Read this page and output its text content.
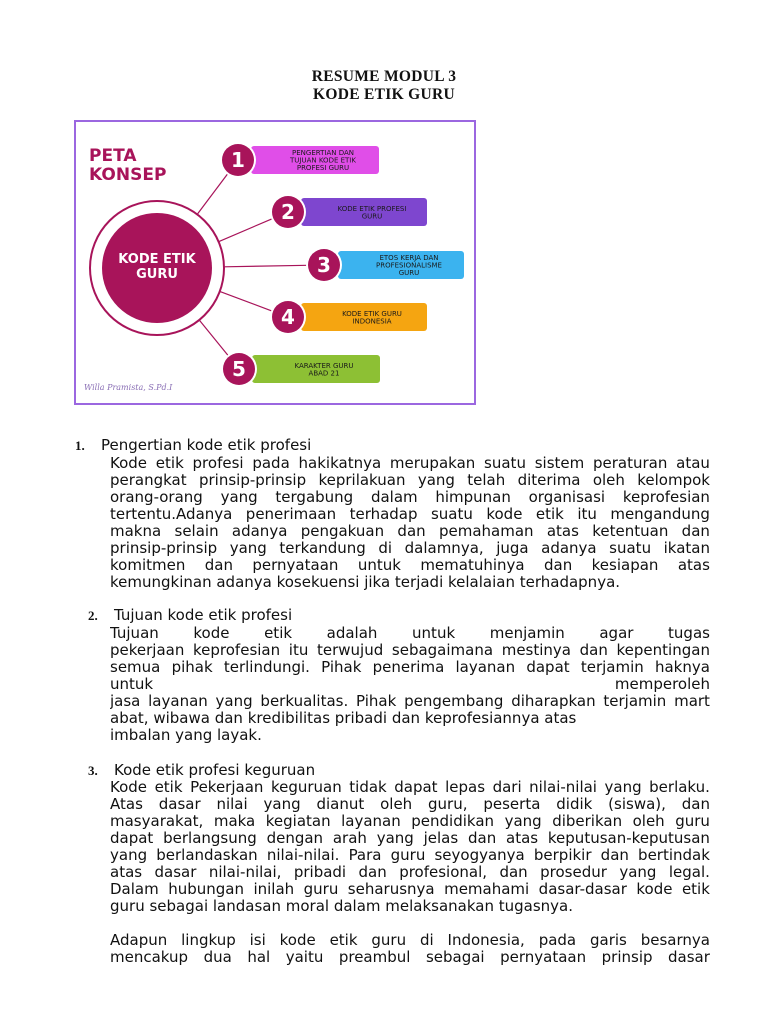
RESUME MODUL 3
KODE ETIK GURU
PETA
KONSEP
KODE ETIK
GURU
PENGERTIAN DAN
TUJUAN KODE ETIK
PROFESI GURU
1
KODE ETIK PROFESI
GURU
2
ETOS KERJA DAN
PROFESIONALISME
GURU
3
KODE ETIK GURU
INDONESIA
4
KARAKTER GURU
ABAD 21
5
Willa Pramista, S.Pd.I
1. Pengertian kode etik profesi
Kode etik profesi pada hakikatnya merupakan suatu sistem peraturan atau
perangkat prinsip-prinsip keprilakuan yang telah diterima oleh kelompok
orang-orang yang tergabung dalam himpunan organisasi keprofesian
tertentu.Adanya penerimaan terhadap suatu kode etik itu mengandung
makna selain adanya pengakuan dan pemahaman atas ketentuan dan
prinsip-prinsip yang terkandung di dalamnya, juga adanya suatu ikatan
komitmen dan pernyataan untuk mematuhinya dan kesiapan atas
kemungkinan adanya kosekuensi jika terjadi kelalaian terhadapnya.
2. Tujuan kode etik profesi
Tujuan kode etik adalah untuk menjamin agar tugas
pekerjaan keprofesian itu terwujud sebagaimana mestinya dan kepentingan
semua pihak terlindungi. Pihak penerima layanan dapat terjamin haknya
untuk	memperoleh
jasa layanan yang berkualitas. Pihak pengembang diharapkan terjamin mart
abat, wibawa dan kredibilitas pribadi dan keprofesiannya atas
imbalan yang layak.
3. Kode etik profesi keguruan
Kode etik Pekerjaan keguruan tidak dapat lepas dari nilai-nilai yang berlaku.
Atas dasar nilai yang dianut oleh guru, peserta didik (siswa), dan
masyarakat, maka kegiatan layanan pendidikan yang diberikan oleh guru
dapat berlangsung dengan arah yang jelas dan atas keputusan-keputusan
yang berlandaskan nilai-nilai. Para guru seyogyanya berpikir dan bertindak
atas dasar nilai-nilai, pribadi dan profesional, dan prosedur yang legal.
Dalam hubungan inilah guru seharusnya memahami dasar-dasar kode etik
guru sebagai landasan moral dalam melaksanakan tugasnya.
Adapun lingkup isi kode etik guru di Indonesia, pada garis besarnya
mencakup dua hal yaitu preambul sebagai pernyataan prinsip dasar
